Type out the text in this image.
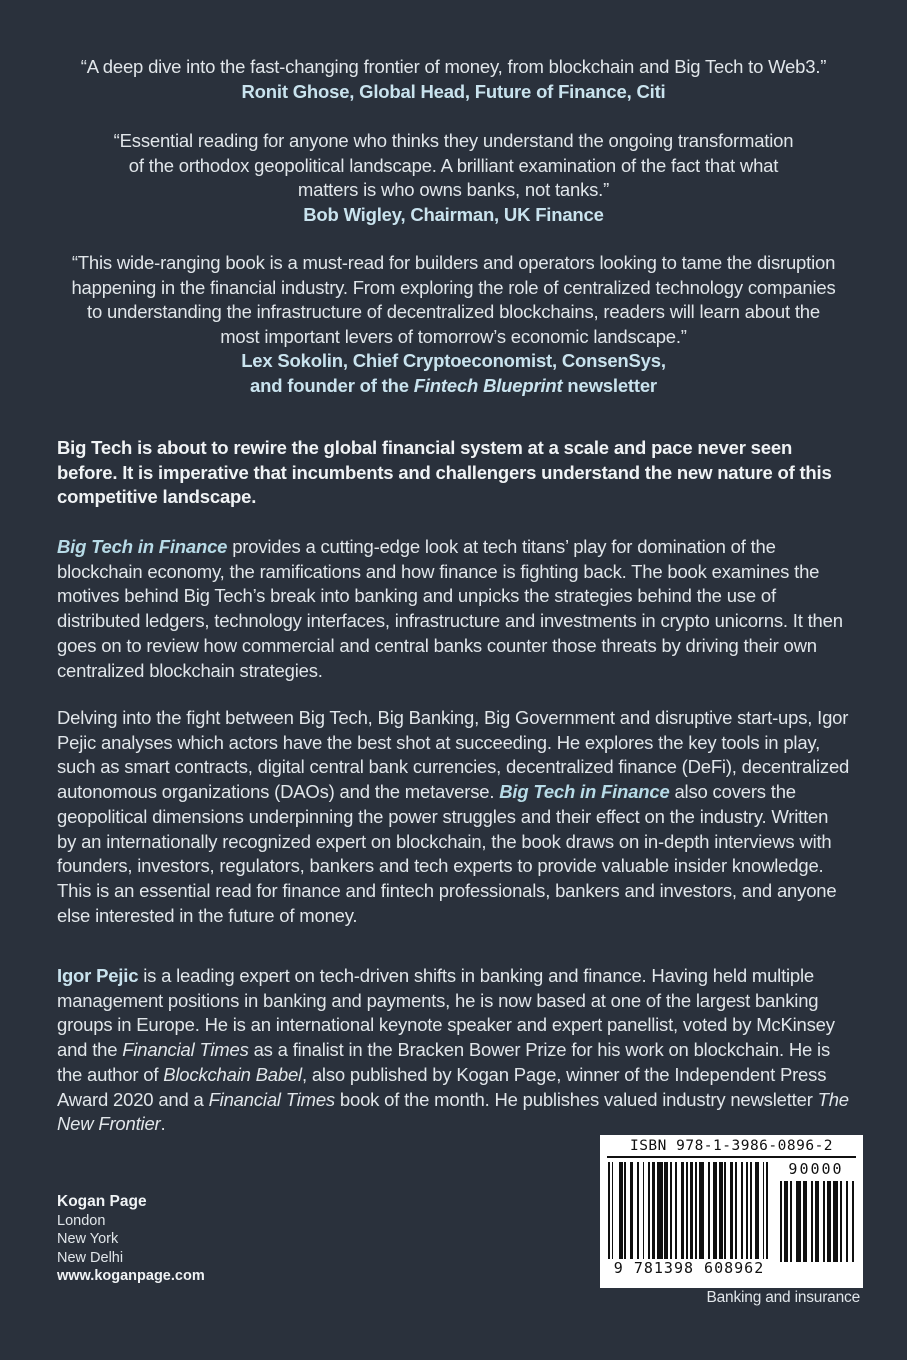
“A deep dive into the fast-changing frontier of money, from blockchain and Big Tech to Web3.”
Ronit Ghose, Global Head, Future of Finance, Citi
“Essential reading for anyone who thinks they understand the ongoing transformation of the orthodox geopolitical landscape. A brilliant examination of the fact that what matters is who owns banks, not tanks.”
Bob Wigley, Chairman, UK Finance
“This wide-ranging book is a must-read for builders and operators looking to tame the disruption happening in the financial industry. From exploring the role of centralized technology companies to understanding the infrastructure of decentralized blockchains, readers will learn about the most important levers of tomorrow’s economic landscape.”
Lex Sokolin, Chief Cryptoeconomist, ConsenSys,
and founder of the Fintech Blueprint newsletter

Big Tech is about to rewire the global financial system at a scale and pace never seen before. It is imperative that incumbents and challengers understand the new nature of this competitive landscape.

Big Tech in Finance provides a cutting-edge look at tech titans’ play for domination of the blockchain economy, the ramifications and how finance is fighting back. The book examines the motives behind Big Tech’s break into banking and unpicks the strategies behind the use of distributed ledgers, technology interfaces, infrastructure and investments in crypto unicorns. It then goes on to review how commercial and central banks counter those threats by driving their own centralized blockchain strategies.

Delving into the fight between Big Tech, Big Banking, Big Government and disruptive start-ups, Igor Pejic analyses which actors have the best shot at succeeding. He explores the key tools in play, such as smart contracts, digital central bank currencies, decentralized finance (DeFi), decentralized autonomous organizations (DAOs) and the metaverse. Big Tech in Finance also covers the geopolitical dimensions underpinning the power struggles and their effect on the industry. Written by an internationally recognized expert on blockchain, the book draws on in-depth interviews with founders, investors, regulators, bankers and tech experts to provide valuable insider knowledge. This is an essential read for finance and fintech professionals, bankers and investors, and anyone else interested in the future of money.

Igor Pejic is a leading expert on tech-driven shifts in banking and finance. Having held multiple management positions in banking and payments, he is now based at one of the largest banking groups in Europe. He is an international keynote speaker and expert panellist, voted by McKinsey and the Financial Times as a finalist in the Bracken Bower Prize for his work on blockchain. He is the author of Blockchain Babel, also published by Kogan Page, winner of the Independent Press Award 2020 and a Financial Times book of the month. He publishes valued industry newsletter The New Frontier.

Kogan Page
London
New York
New Delhi
www.koganpage.com
ISBN 978-1-3986-0896-2
9 781398 608962
90000
Banking and insurance
